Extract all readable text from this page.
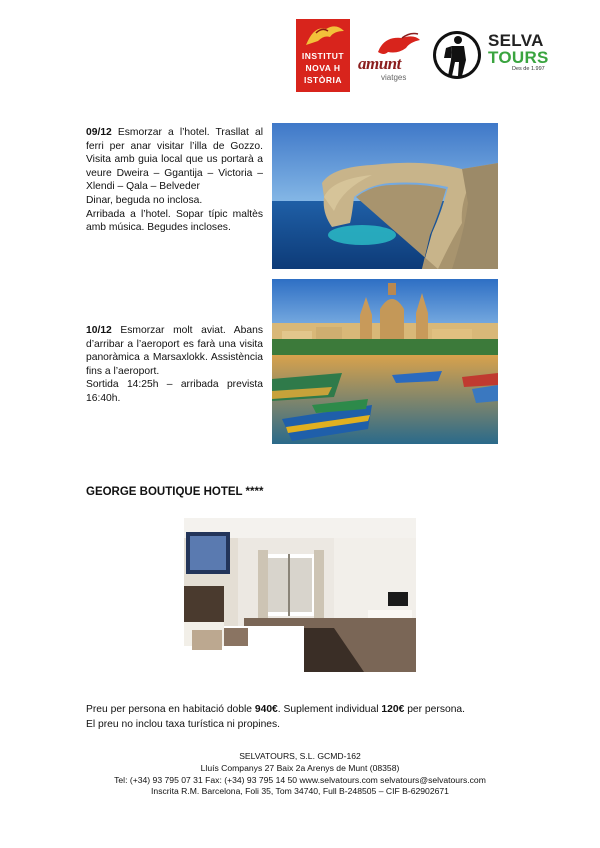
INSTITUT
NOVA H
ISTÒRIA
amunt
viatges
SELVA
TOURS
Des de 1.997

09/12 Esmorzar a l’hotel. Trasllat al

ferri per anar visitar l’illa de Gozzo. Visita amb guia local que us portarà a veure Dweira – Ggantija – Victoria – Xlendi – Qala – Belveder

Dinar, beguda no inclosa.

Arribada a l’hotel. Sopar típic maltès amb música. Begudes incloses.

10/12 Esmorzar molt aviat. Abans

d’arribar a l’aeroport es farà una visita panoràmica a Marsaxlokk. Assistència fins a l’aeroport.

Sortida 14:25h – arribada prevista 16:40h.

GEORGE BOUTIQUE HOTEL ****

Preu per persona en habitació doble 940€. Suplement individual 120€ per persona.

El preu no inclou taxa turística ni propines.

SELVATOURS, S.L. GCMD-162

Lluís Companys 27 Baix 2a Arenys de Munt (08358)

Tel: (+34) 93 795 07 31 Fax: (+34) 93 795 14 50 www.selvatours.com selvatours@selvatours.com

Inscrita R.M. Barcelona, Foli 35, Tom 34740, Full B-248505 – CIF B-62902671
